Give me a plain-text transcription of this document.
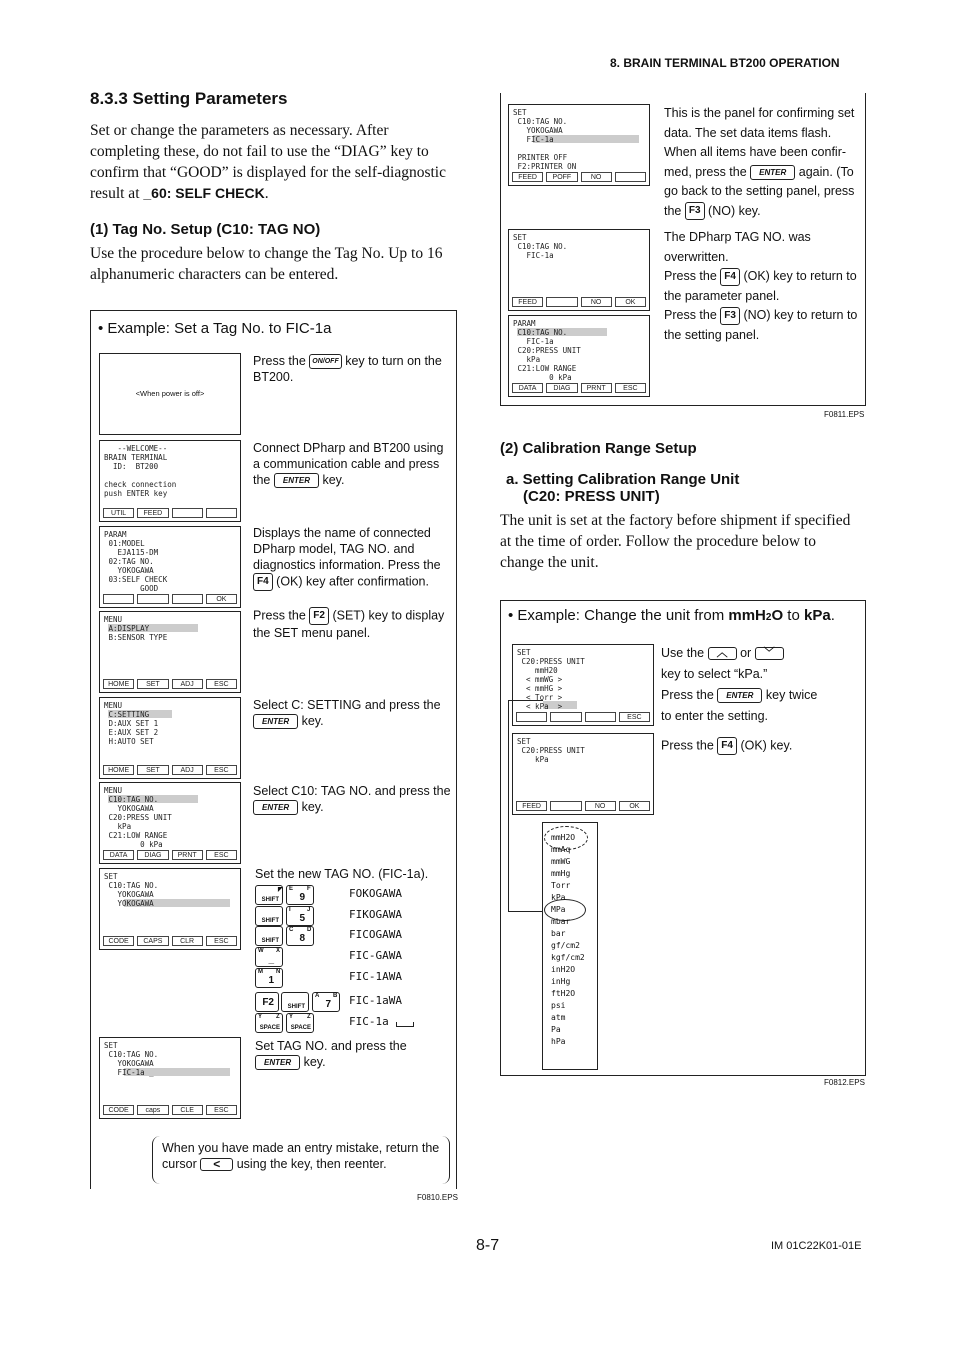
8. BRAIN TERMINAL BT200 OPERATION
8.3.3 Setting Parameters
Set or change the parameters as necessary. After completing these, do not fail to use the “DIAG” key to confirm that “GOOD” is displayed for the self-diagnostic result at _60: SELF CHECK.
(1) Tag No. Setup (C10: TAG NO)
Use the procedure below to change the Tag No. Up to 16 alphanumeric characters can be entered.
• Example: Set a Tag No. to FIC-1a
<When power is off>
Press the ON/OFF key to turn on the BT200.
--WELCOME--
BRAIN TERMINAL
ID:  BT200

check connection
push ENTER key
UTIL	FEED
Connect DPharp and BT200 using a communication cable and press the ENTER key.
PARAM
01:MODEL
EJA115-DM
02:TAG NO.
YOKOGAWA
03:SELF CHECK
GOOD
OK
Displays the name of connected DPharp model, TAG NO. and diagnostics information. Press the F4 (OK) key after confirmation.
MENU
A:DISPLAY
B:SENSOR TYPE
HOME	SET	ADJ	ESC
Press the F2 (SET) key to display the SET menu panel.
MENU
C:SETTING
D:AUX SET 1
E:AUX SET 2
H:AUTO SET
HOME	SET	ADJ	ESC
Select C: SETTING and press the ENTER key.
MENU
C10:TAG NO.
YOKOGAWA
C20:PRESS UNIT
kPa
C21:LOW RANGE
0 kPa
DATA	DIAG	PRNT	ESC
Select C10: TAG NO. and press the ENTER key.
SET
C10:TAG NO.
YOKOGAWA
YOKOGAWA
CODE	CAPS	CLR	ESC
Set the new TAG NO. (FIC-1a).
SHIFT
◤ E F
9	FOKOGAWA
SHIFT
I	J
5	FIKOGAWA
SHIFT
C D
8	FICOGAWA
W X
_	FIC-GAWA
M N
1	FIC-1AWA
F2 SHIFT
A B
7 FIC-1aWA
Y Z
SPACE
Y Z
SPACE	FIC-1a
SET
C10:TAG NO.
YOKOGAWA
FIC-1a _
CODE	caps	CLE	ESC
Set TAG NO. and press the ENTER key.
When you have made an entry mistake, return the cursor < using the key, then reenter.
F0810.EPS
SET
C10:TAG NO.
YOKOGAWA
FIC-1a

PRINTER OFF
F2:PRINTER ON
FEED	POFF	NO
This is the panel for confirming set data. The set data items flash. When all items have been confir-med, press the ENTER again. (To go back to the setting panel, press the F3 (NO) key.
SET
C10:TAG NO.
FIC-1a
FEED	NO	OK
The DPharp TAG NO. was overwritten.
Press the F4 (OK) key to return to the parameter panel.
Press the F3 (NO) key to return to the setting panel.
PARAM
C10:TAG NO.
FIC-1a
C20:PRESS UNIT
kPa
C21:LOW RANGE
0 kPa
DATA	DIAG	PRNT	ESC
F0811.EPS
(2) Calibration Range Setup
a. Setting Calibration Range Unit
(C20: PRESS UNIT)
The unit is set at the factory before shipment if specified at the time of order. Follow the procedure below to change the unit.
• Example: Change the unit from mmH2O to kPa.
SET
C20:PRESS UNIT
mmH20
< mmWG >
< mmHG >
< Torr >
< kPa  >
ESC
Use the ︿ or ﹀
key to select “kPa.”
Press the ENTER key twice
to enter the setting.
SET
C20:PRESS UNIT
kPa
FEED	NO	OK
Press the F4 (OK) key.
mmH2O
mmAq
mmWG
mmHg
Torr
kPa
MPa
mbar
bar
gf/cm2
kgf/cm2
inH2O
inHg
ftH2O
psi
atm
Pa
hPa
F0812.EPS
8-7	IM 01C22K01-01E
